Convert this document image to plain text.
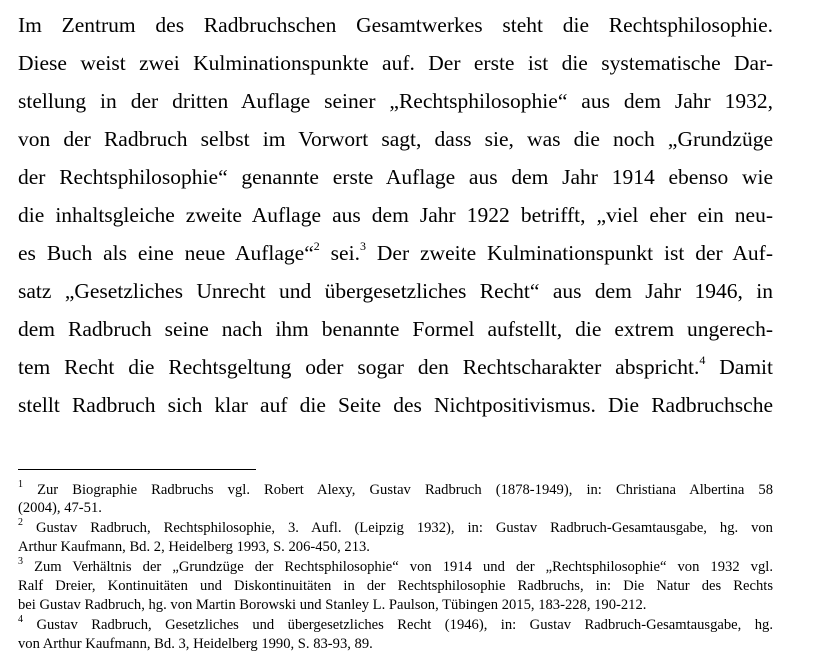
Im Zentrum des Radbruchschen Gesamtwerkes steht die Rechtsphilosophie.
Diese weist zwei Kulminationspunkte auf. Der erste ist die systematische Dar-
stellung in der dritten Auflage seiner „Rechtsphilosophie“ aus dem Jahr 1932,
von der Radbruch selbst im Vorwort sagt, dass sie, was die noch „Grundzüge
der Rechtsphilosophie“ genannte erste Auflage aus dem Jahr 1914 ebenso wie
die inhaltsgleiche zweite Auflage aus dem Jahr 1922 betrifft, „viel eher ein neu-
es Buch als eine neue Auflage“$^2$ sei.$^3$ Der zweite Kulminationspunkt ist der Auf-
satz „Gesetzliches Unrecht und übergesetzliches Recht“ aus dem Jahr 1946, in
dem Radbruch seine nach ihm benannte Formel aufstellt, die extrem ungerech-
tem Recht die Rechtsgeltung oder sogar den Rechtscharakter abspricht.$^4$ Damit
stellt Radbruch sich klar auf die Seite des Nichtpositivismus. Die Radbruchsche
$^1$ Zur Biographie Radbruchs vgl. Robert Alexy, Gustav Radbruch (1878-1949), in: Christiana Albertina 58
(2004), 47-51.
$^2$ Gustav Radbruch, Rechtsphilosophie, 3. Aufl. (Leipzig 1932), in: Gustav Radbruch-Gesamtausgabe, hg. von
Arthur Kaufmann, Bd. 2, Heidelberg 1993, S. 206-450, 213.
$^3$ Zum Verhältnis der „Grundzüge der Rechtsphilosophie“ von 1914 und der „Rechtsphilosophie“ von 1932 vgl.
Ralf Dreier, Kontinuitäten und Diskontinuitäten in der Rechtsphilosophie Radbruchs, in: Die Natur des Rechts
bei Gustav Radbruch, hg. von Martin Borowski und Stanley L. Paulson, Tübingen 2015, 183-228, 190-212.
$^4$ Gustav Radbruch, Gesetzliches und übergesetzliches Recht (1946), in: Gustav Radbruch-Gesamtausgabe, hg.
von Arthur Kaufmann, Bd. 3, Heidelberg 1990, S. 83-93, 89.
